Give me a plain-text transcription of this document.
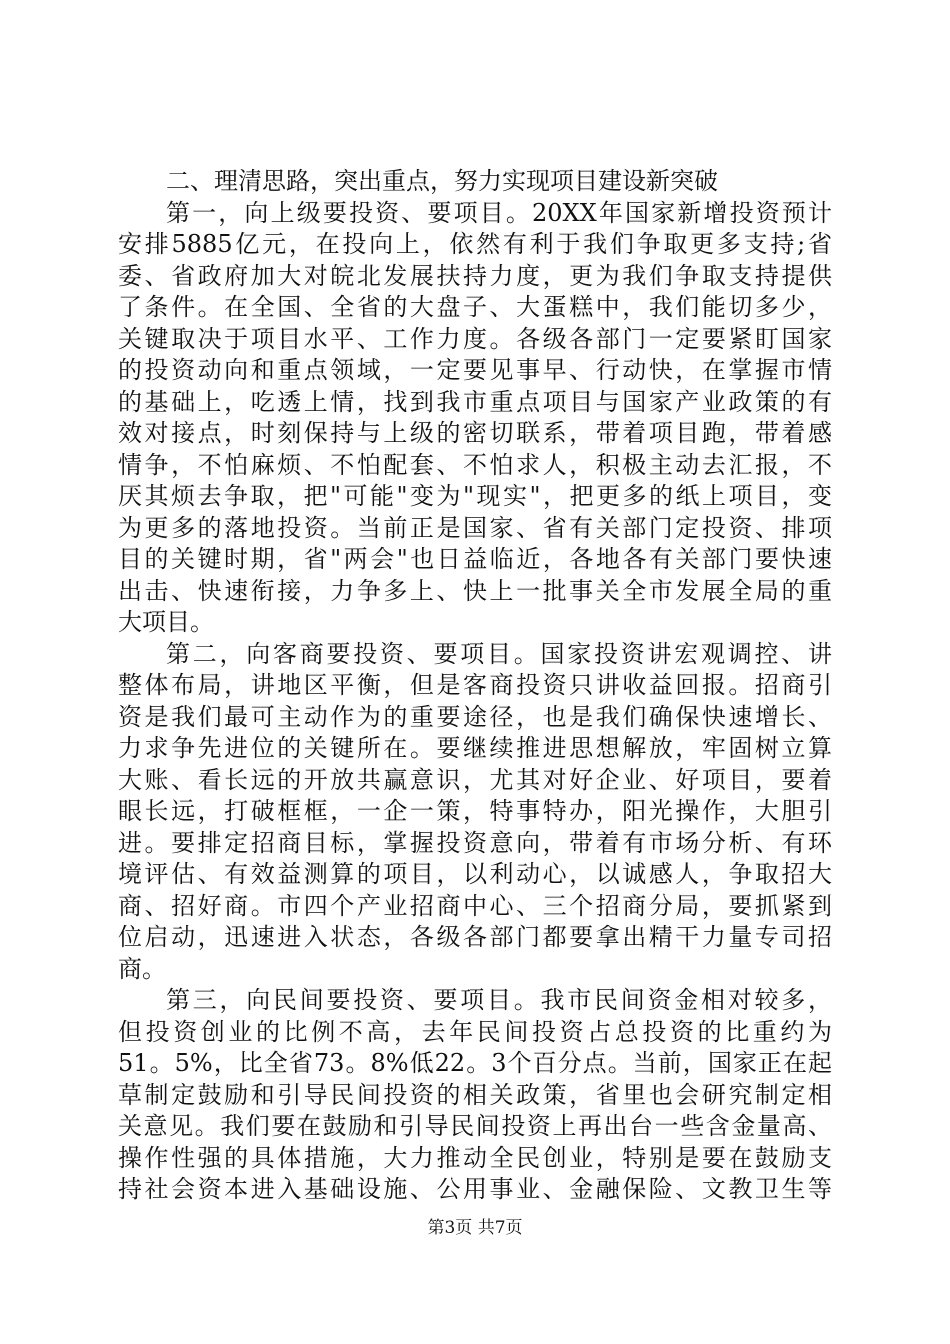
二、理清思路，突出重点，努力实现项目建设新突破
第一，向上级要投资、要项目。20XX年国家新增投资预计
安排5885亿元，在投向上，依然有利于我们争取更多支持;省
委、省政府加大对皖北发展扶持力度，更为我们争取支持提供
了条件。在全国、全省的大盘子、大蛋糕中，我们能切多少，
关键取决于项目水平、工作力度。各级各部门一定要紧盯国家
的投资动向和重点领域，一定要见事早、行动快，在掌握市情
的基础上，吃透上情，找到我市重点项目与国家产业政策的有
效对接点，时刻保持与上级的密切联系，带着项目跑，带着感
情争，不怕麻烦、不怕配套、不怕求人，积极主动去汇报，不
厌其烦去争取，把"可能"变为"现实"，把更多的纸上项目，变
为更多的落地投资。当前正是国家、省有关部门定投资、排项
目的关键时期，省"两会"也日益临近，各地各有关部门要快速
出击、快速衔接，力争多上、快上一批事关全市发展全局的重
大项目。
第二，向客商要投资、要项目。国家投资讲宏观调控、讲
整体布局，讲地区平衡，但是客商投资只讲收益回报。招商引
资是我们最可主动作为的重要途径，也是我们确保快速增长、
力求争先进位的关键所在。要继续推进思想解放，牢固树立算
大账、看长远的开放共赢意识，尤其对好企业、好项目，要着
眼长远，打破框框，一企一策，特事特办，阳光操作，大胆引
进。要排定招商目标，掌握投资意向，带着有市场分析、有环
境评估、有效益测算的项目，以利动心，以诚感人，争取招大
商、招好商。市四个产业招商中心、三个招商分局，要抓紧到
位启动，迅速进入状态，各级各部门都要拿出精干力量专司招
商。
第三，向民间要投资、要项目。我市民间资金相对较多，
但投资创业的比例不高，去年民间投资占总投资的比重约为
51。5%，比全省73。8%低22。3个百分点。当前，国家正在起
草制定鼓励和引导民间投资的相关政策，省里也会研究制定相
关意见。我们要在鼓励和引导民间投资上再出台一些含金量高、
操作性强的具体措施，大力推动全民创业，特别是要在鼓励支
持社会资本进入基础设施、公用事业、金融保险、文教卫生等
第3页 共7页
